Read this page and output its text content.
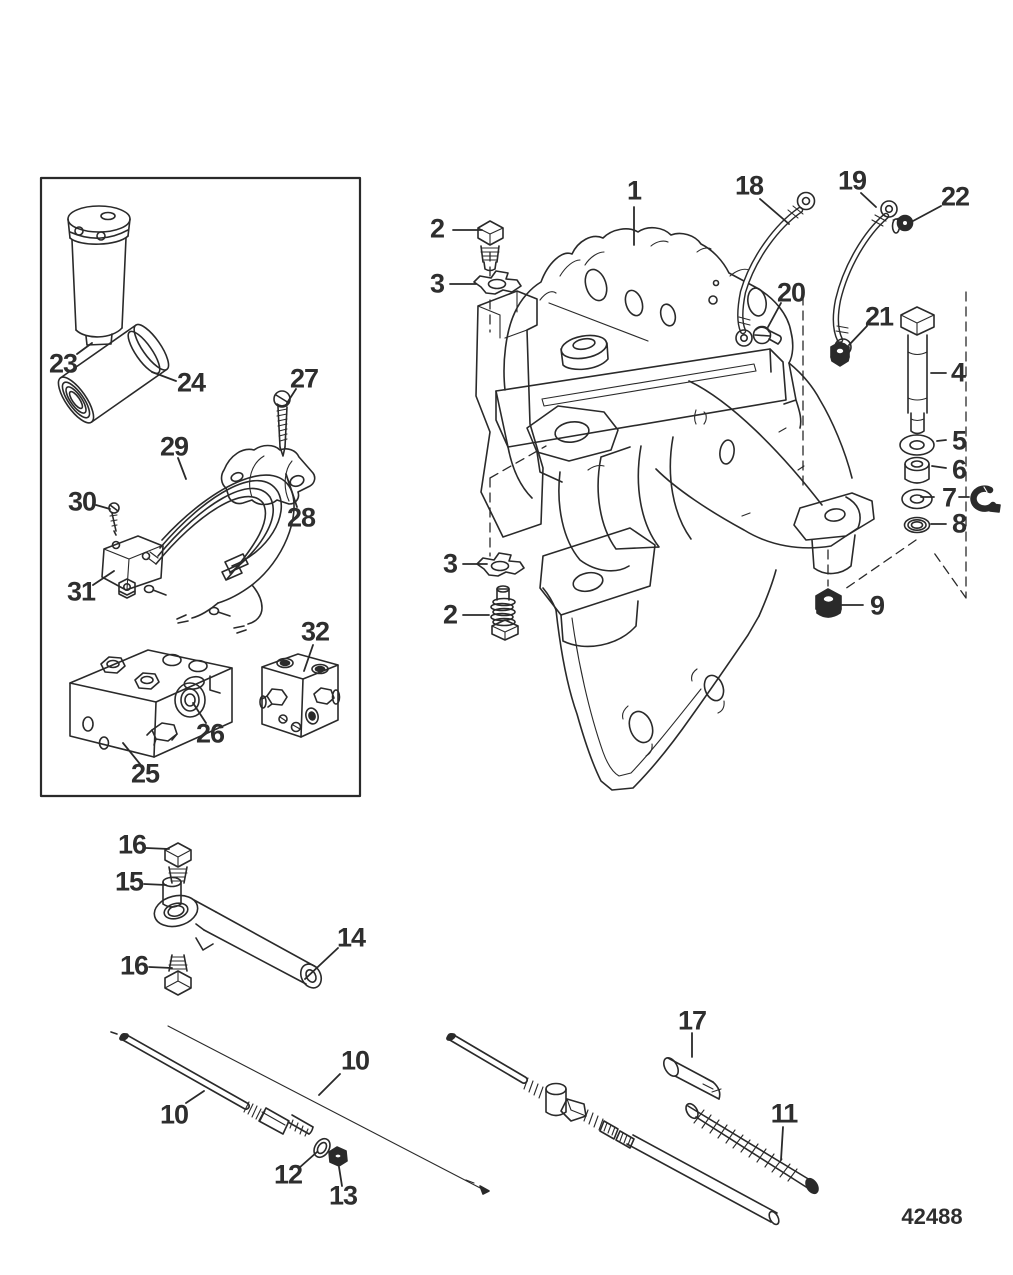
1
2
3
3
2
4
5
6
7
8
9
10
10	11
12
13
14
15
16
16
17
18	19
20
21
22
23
24
25
26
27
28
29
30
31
32
42488
